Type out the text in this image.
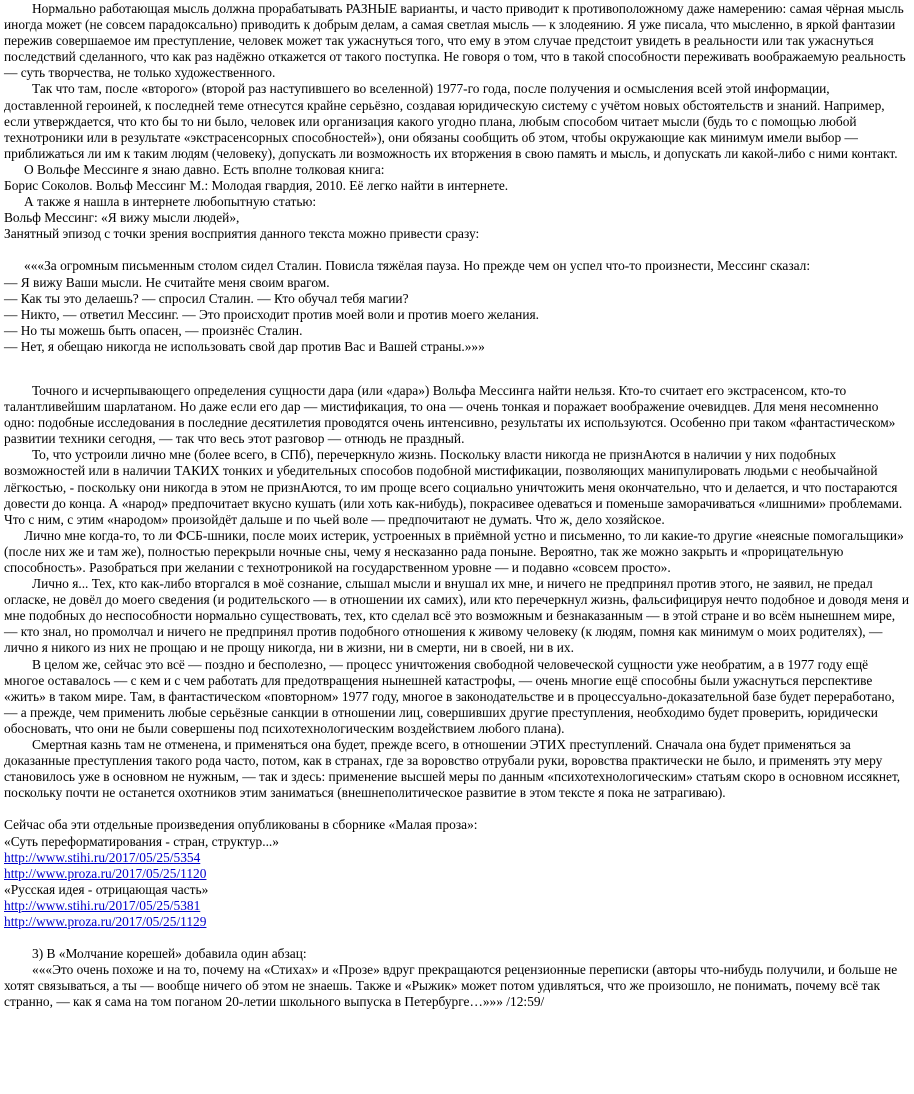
Нормально работающая мысль должна прорабатывать РАЗНЫЕ варианты, и часто приводит к противоположному даже намерению: самая чёрная мысль иногда может (не совсем парадоксально) приводить к добрым делам, а самая светлая мысль — к злодеянию. Я уже писала, что мысленно, в яркой фантазии пережив совершаемое им преступление, человек может так ужаснуться того, что ему в этом случае предстоит увидеть в реальности или так ужаснуться последствий сделанного, что как раз надёжно откажется от такого поступка. Не говоря о том, что в такой способности переживать воображаемую реальность — суть творчества, не только художественного.

Так что там, после «второго» (второй раз наступившего во вселенной) 1977-го года, после получения и осмысления всей этой информации, доставленной героиней, к последней теме отнесутся крайне серьёзно, создавая юридическую систему с учётом новых обстоятельств и знаний. Например, если утверждается, что кто бы то ни было, человек или организация какого угодно плана, любым способом читает мысли (будь то с помощью любой технотроники или в результате «экстрасенсорных способностей»), они обязаны сообщить об этом, чтобы окружающие как минимум имели выбор — приближаться ли им к таким людям (человеку), допускать ли возможность их вторжения в свою память и мысль, и допускать ли какой-либо с ними контакт.

О Вольфе Мессинге я знаю давно. Есть вполне толковая книга:

Борис Соколов. Вольф Мессинг М.: Молодая гвардия, 2010. Её легко найти в интернете.

А также я нашла в интернете любопытную статью:

Вольф Мессинг: «Я вижу мысли людей»,

Занятный эпизод с точки зрения восприятия данного текста можно привести сразу:

«««За огромным письменным столом сидел Сталин. Повисла тяжёлая пауза. Но прежде чем он успел что-то произнести, Мессинг сказал:

— Я вижу Ваши мысли. Не считайте меня своим врагом.

— Как ты это делаешь? — спросил Сталин. — Кто обучал тебя магии?

— Никто, — ответил Мессинг. — Это происходит против моей воли и против моего желания.

— Но ты можешь быть опасен, — произнёс Сталин.

— Нет, я обещаю никогда не использовать свой дар против Вас и Вашей страны.»»»

Точного и исчерпывающего определения сущности дара (или «дара») Вольфа Мессинга найти нельзя. Кто-то считает его экстрасенсом, кто-то талантливейшим шарлатаном. Но даже если его дар — мистификация, то она — очень тонкая и поражает воображение очевидцев. Для меня несомненно одно: подобные исследования в последние десятилетия проводятся очень интенсивно, результаты их используются. Особенно при таком «фантастическом» развитии техники сегодня, — так что весь этот разговор — отнюдь не праздный.

То, что устроили лично мне (более всего, в СПб), перечеркнуло жизнь. Поскольку власти никогда не признАются в наличии у них подобных возможностей или в наличии ТАКИХ тонких и убедительных способов подобной мистификации, позволяющих манипулировать людьми с необычайной лёгкостью, - поскольку они никогда в этом не признАются, то им проще всего социально уничтожить меня окончательно, что и делается, и что постараются довести до конца. А «народ» предпочитает вкусно кушать (или хоть как-нибудь), покрасивее одеваться и поменьше заморачиваться «лишними» проблемами. Что с ним, с этим «народом» произойдёт дальше и по чьей воле — предпочитают не думать. Что ж, дело хозяйское.

Лично мне когда-то, то ли ФСБ-шники, после моих истерик, устроенных в приёмной устно и письменно, то ли какие-то другие «неясные помогальщики» (после них же и там же), полностью перекрыли ночные сны, чему я несказанно рада поныне. Вероятно, так же можно закрыть и «прорицательную способность». Разобраться при желании с технотроникой на государственном уровне — и подавно «совсем просто».

Лично я... Тех, кто как-либо вторгался в моё сознание, слышал мысли и внушал их мне, и ничего не предпринял против этого, не заявил, не предал огласке, не довёл до моего сведения (и родительского — в отношении их самих), или кто перечеркнул жизнь, фальсифицируя нечто подобное и доводя меня и мне подобных до неспособности нормально существовать, тех, кто сделал всё это возможным и безнаказанным — в этой стране и во всём нынешнем мире, — кто знал, но промолчал и ничего не предпринял против подобного отношения к живому человеку (к людям, помня как минимум о моих родителях), — лично я никого из них не прощаю и не прощу никогда, ни в жизни, ни в смерти, ни в своей, ни в их.

В целом же, сейчас это всё — поздно и бесполезно, — процесс уничтожения свободной человеческой сущности уже необратим, а в 1977 году ещё многое оставалось — с кем и с чем работать для предотвращения нынешней катастрофы, — очень многие ещё способны были ужаснуться перспективе «жить» в таком мире. Там, в фантастическом «повторном» 1977 году, многое в законодательстве и в процессуально-доказательной базе будет переработано, — а прежде, чем применить любые серьёзные санкции в отношении лиц, совершивших другие преступления, необходимо будет проверить, юридически обосновать, что они не были совершены под психотехнологическим воздействием любого плана).

Смертная казнь там не отменена, и применяться она будет, прежде всего, в отношении ЭТИХ преступлений. Сначала она будет применяться за доказанные преступления такого рода часто, потом, как в странах, где за воровство отрубали руки, воровства практически не было, и применять эту меру становилось уже в основном не нужным, — так и здесь: применение высшей меры по данным «психотехнологическим» статьям скоро в основном иссякнет, поскольку почти не останется охотников этим заниматься (внешнеполитическое развитие в этом тексте я пока не затрагиваю).

Сейчас оба эти отдельные произведения опубликованы в сборнике «Малая проза»:

«Суть переформатирования - стран, структур...»

http://www.stihi.ru/2017/05/25/5354

http://www.proza.ru/2017/05/25/1120

«Русская идея - отрицающая часть»

http://www.stihi.ru/2017/05/25/5381

http://www.proza.ru/2017/05/25/1129

3) В «Молчание корешей» добавила один абзац:

«««Это очень похоже и на то, почему на «Стихах» и «Прозе» вдруг прекращаются рецензионные переписки (авторы что-нибудь получили, и больше не хотят связываться, а ты — вообще ничего об этом не знаешь. Также и «Рыжик» может потом удивляться, что же произошло, не понимать, почему всё так странно, — как я сама на том поганом 20-летии школьного выпуска в Петербурге…»»» /12:59/
